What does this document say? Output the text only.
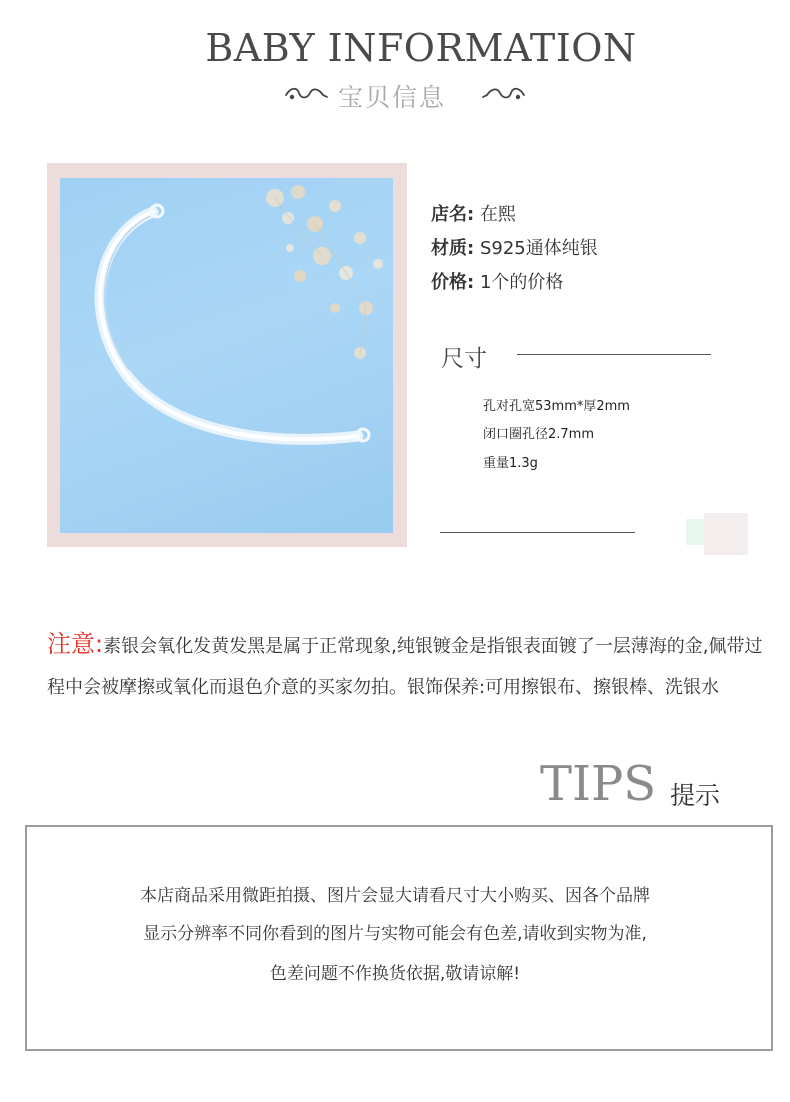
BABY INFORMATION
宝贝信息
店名: 在熙
材质: S925通体纯银
价格: 1个的价格
尺寸
孔对孔宽53mm*厚2mm
闭口圈孔径2.7mm
重量1.3g
注意:素银会氧化发黄发黑是属于正常现象,纯银镀金是指银表面镀了一层薄海的金,佩带过程中会被摩擦或氧化而退色介意的买家勿拍。银饰保养:可用擦银布、擦银棒、洗银水
TIPS 提示
本店商品采用微距拍摄、图片会显大请看尺寸大小购买、因各个品牌
显示分辨率不同你看到的图片与实物可能会有色差,请收到实物为准,
色差问题不作换货依据,敬请谅解!
